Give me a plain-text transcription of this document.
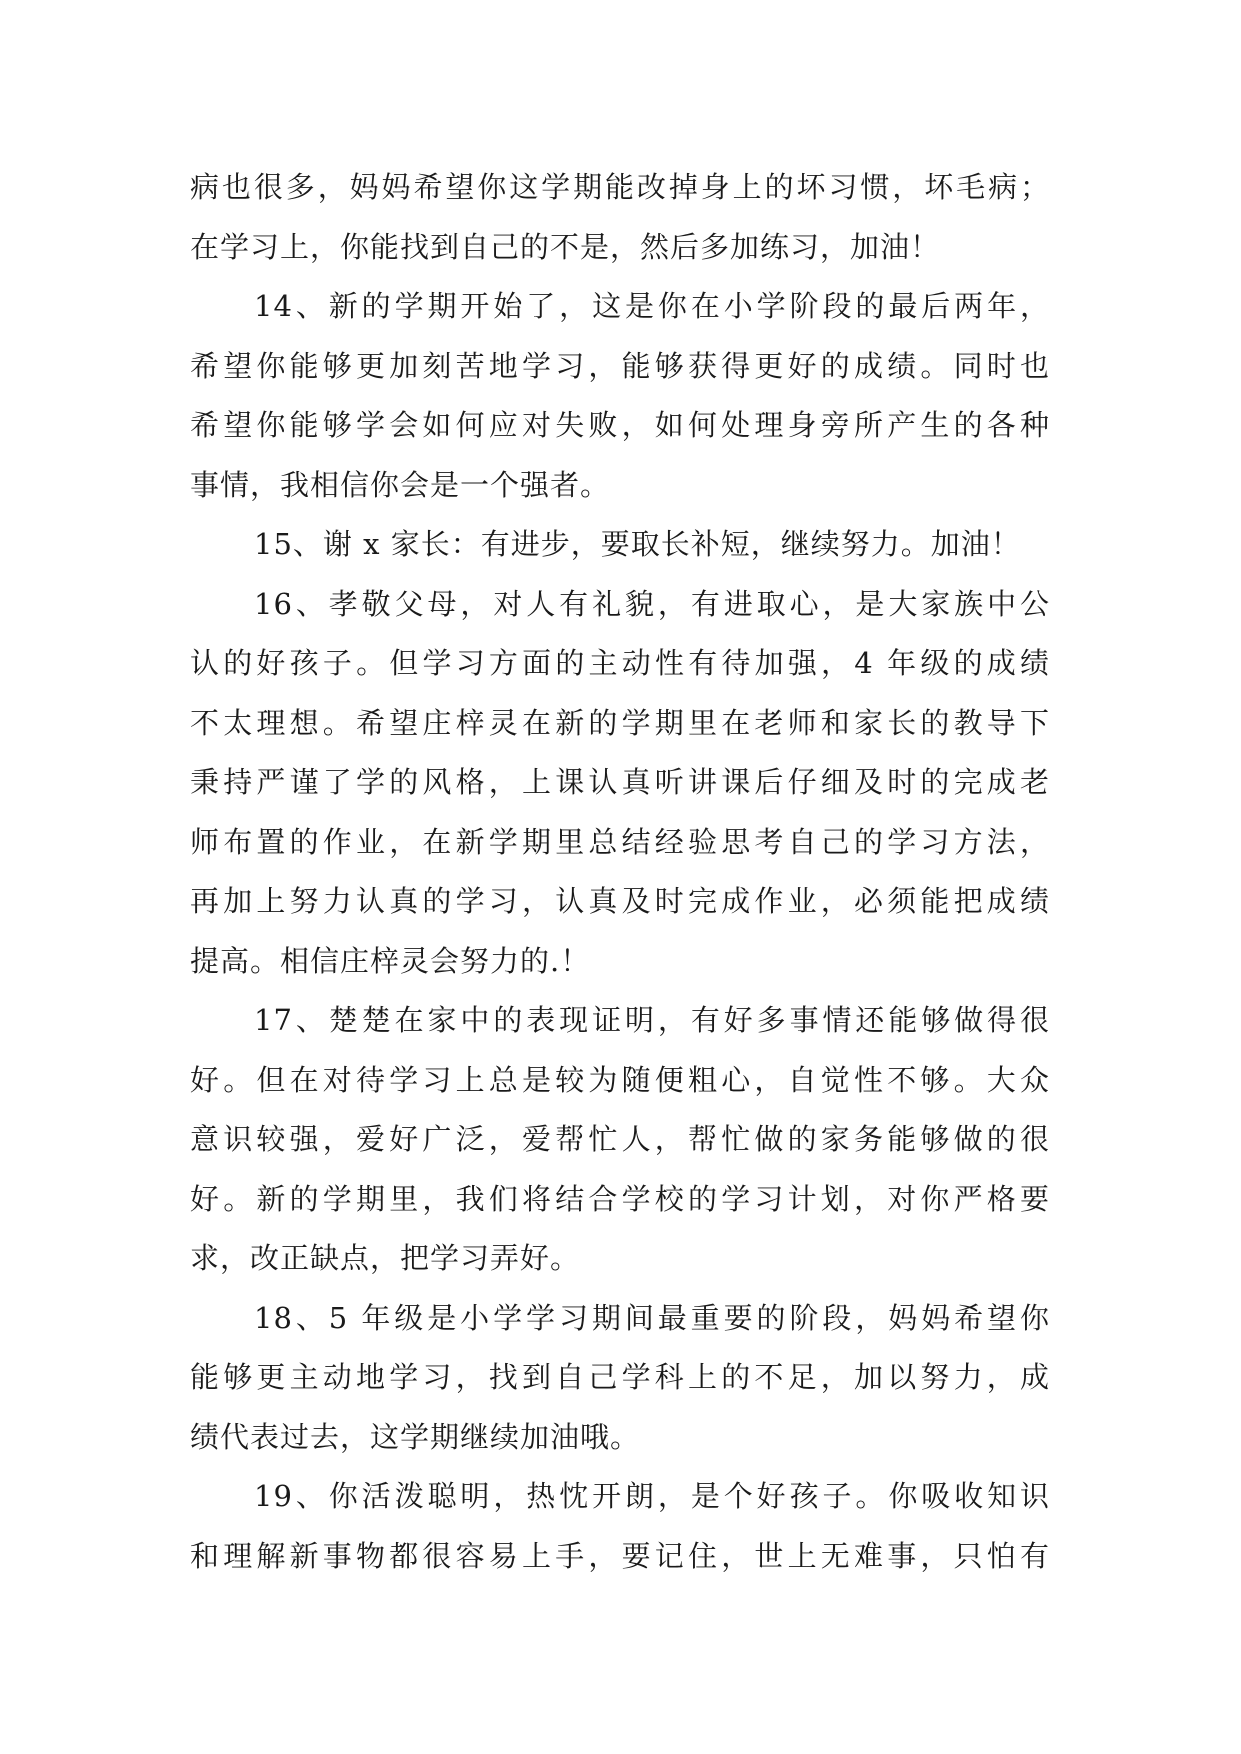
病也很多，妈妈希望你这学期能改掉身上的坏习惯，坏毛病；
在学习上，你能找到自己的不是，然后多加练习，加油！
14、新的学期开始了，这是你在小学阶段的最后两年，
希望你能够更加刻苦地学习，能够获得更好的成绩。同时也
希望你能够学会如何应对失败，如何处理身旁所产生的各种
事情，我相信你会是一个强者。
15、谢 x 家长：有进步，要取长补短，继续努力。加油！
16、孝敬父母，对人有礼貌，有进取心，是大家族中公
认的好孩子。但学习方面的主动性有待加强，4 年级的成绩
不太理想。希望庄梓灵在新的学期里在老师和家长的教导下
秉持严谨了学的风格，上课认真听讲课后仔细及时的完成老
师布置的作业，在新学期里总结经验思考自己的学习方法，
再加上努力认真的学习，认真及时完成作业，必须能把成绩
提高。相信庄梓灵会努力的.！
17、楚楚在家中的表现证明，有好多事情还能够做得很
好。但在对待学习上总是较为随便粗心，自觉性不够。大众
意识较强，爱好广泛，爱帮忙人，帮忙做的家务能够做的很
好。新的学期里，我们将结合学校的学习计划，对你严格要
求，改正缺点，把学习弄好。
18、5 年级是小学学习期间最重要的阶段，妈妈希望你
能够更主动地学习，找到自己学科上的不足，加以努力，成
绩代表过去，这学期继续加油哦。
19、你活泼聪明，热忱开朗，是个好孩子。你吸收知识
和理解新事物都很容易上手，要记住，世上无难事，只怕有
